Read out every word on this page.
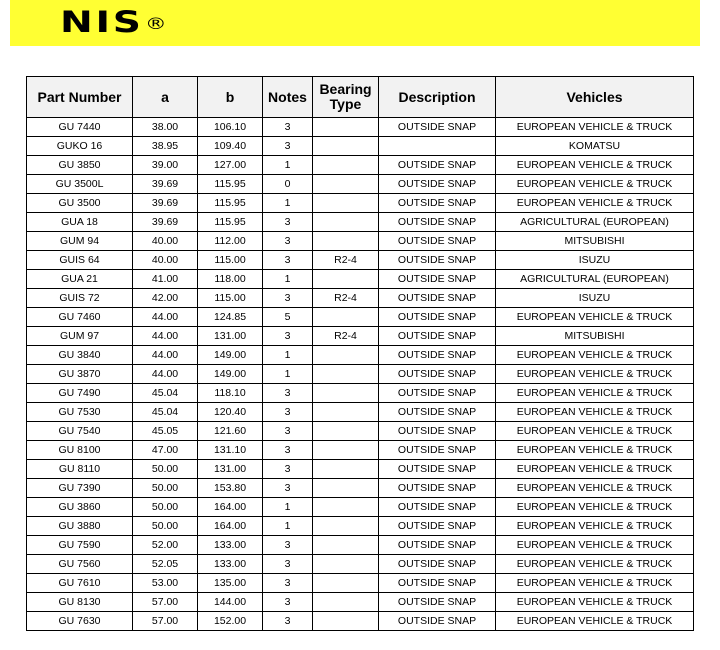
NIS®
Part Number	a	b	Notes	Bearing Type	Description	Vehicles
GU 7440	38.00	106.10	3		OUTSIDE SNAP	EUROPEAN VEHICLE & TRUCK
GUKO 16	38.95	109.40	3			KOMATSU
GU 3850	39.00	127.00	1		OUTSIDE SNAP	EUROPEAN VEHICLE & TRUCK
GU 3500L	39.69	115.95	0		OUTSIDE SNAP	EUROPEAN VEHICLE & TRUCK
GU 3500	39.69	115.95	1		OUTSIDE SNAP	EUROPEAN VEHICLE & TRUCK
GUA 18	39.69	115.95	3		OUTSIDE SNAP	AGRICULTURAL (EUROPEAN)
GUM 94	40.00	112.00	3		OUTSIDE SNAP	MITSUBISHI
GUIS 64	40.00	115.00	3	R2-4	OUTSIDE SNAP	ISUZU
GUA 21	41.00	118.00	1		OUTSIDE SNAP	AGRICULTURAL (EUROPEAN)
GUIS 72	42.00	115.00	3	R2-4	OUTSIDE SNAP	ISUZU
GU 7460	44.00	124.85	5		OUTSIDE SNAP	EUROPEAN VEHICLE & TRUCK
GUM 97	44.00	131.00	3	R2-4	OUTSIDE SNAP	MITSUBISHI
GU 3840	44.00	149.00	1		OUTSIDE SNAP	EUROPEAN VEHICLE & TRUCK
GU 3870	44.00	149.00	1		OUTSIDE SNAP	EUROPEAN VEHICLE & TRUCK
GU 7490	45.04	118.10	3		OUTSIDE SNAP	EUROPEAN VEHICLE & TRUCK
GU 7530	45.04	120.40	3		OUTSIDE SNAP	EUROPEAN VEHICLE & TRUCK
GU 7540	45.05	121.60	3		OUTSIDE SNAP	EUROPEAN VEHICLE & TRUCK
GU 8100	47.00	131.10	3		OUTSIDE SNAP	EUROPEAN VEHICLE & TRUCK
GU 8110	50.00	131.00	3		OUTSIDE SNAP	EUROPEAN VEHICLE & TRUCK
GU 7390	50.00	153.80	3		OUTSIDE SNAP	EUROPEAN VEHICLE & TRUCK
GU 3860	50.00	164.00	1		OUTSIDE SNAP	EUROPEAN VEHICLE & TRUCK
GU 3880	50.00	164.00	1		OUTSIDE SNAP	EUROPEAN VEHICLE & TRUCK
GU 7590	52.00	133.00	3		OUTSIDE SNAP	EUROPEAN VEHICLE & TRUCK
GU 7560	52.05	133.00	3		OUTSIDE SNAP	EUROPEAN VEHICLE & TRUCK
GU 7610	53.00	135.00	3		OUTSIDE SNAP	EUROPEAN VEHICLE & TRUCK
GU 8130	57.00	144.00	3		OUTSIDE SNAP	EUROPEAN VEHICLE & TRUCK
GU 7630	57.00	152.00	3		OUTSIDE SNAP	EUROPEAN VEHICLE & TRUCK
